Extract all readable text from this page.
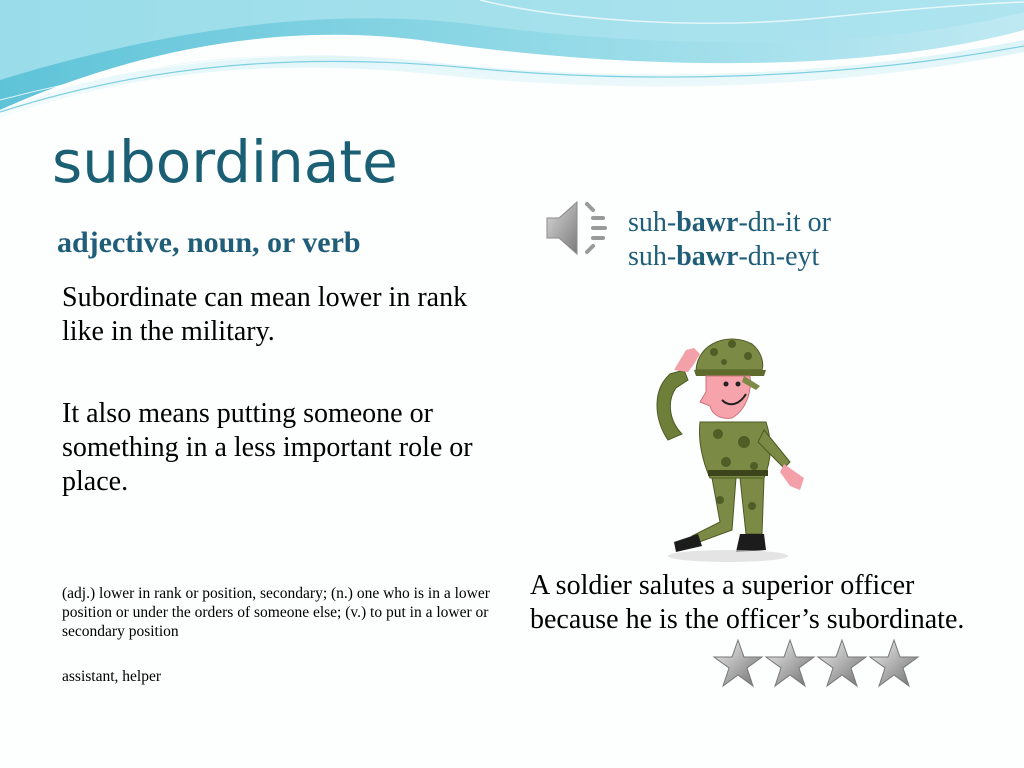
subordinate
adjective, noun, or verb
suh-bawr-dn-it or
suh-bawr-dn-eyt

Subordinate can mean lower in rank like in the military.

It also means putting someone or something in a less important role or place.

(adj.) lower in rank or position, secondary; (n.) one who is in a lower position or under the orders of someone else; (v.) to put in a lower or secondary position

assistant, helper

A soldier salutes a superior officer because he is the officer’s subordinate.
